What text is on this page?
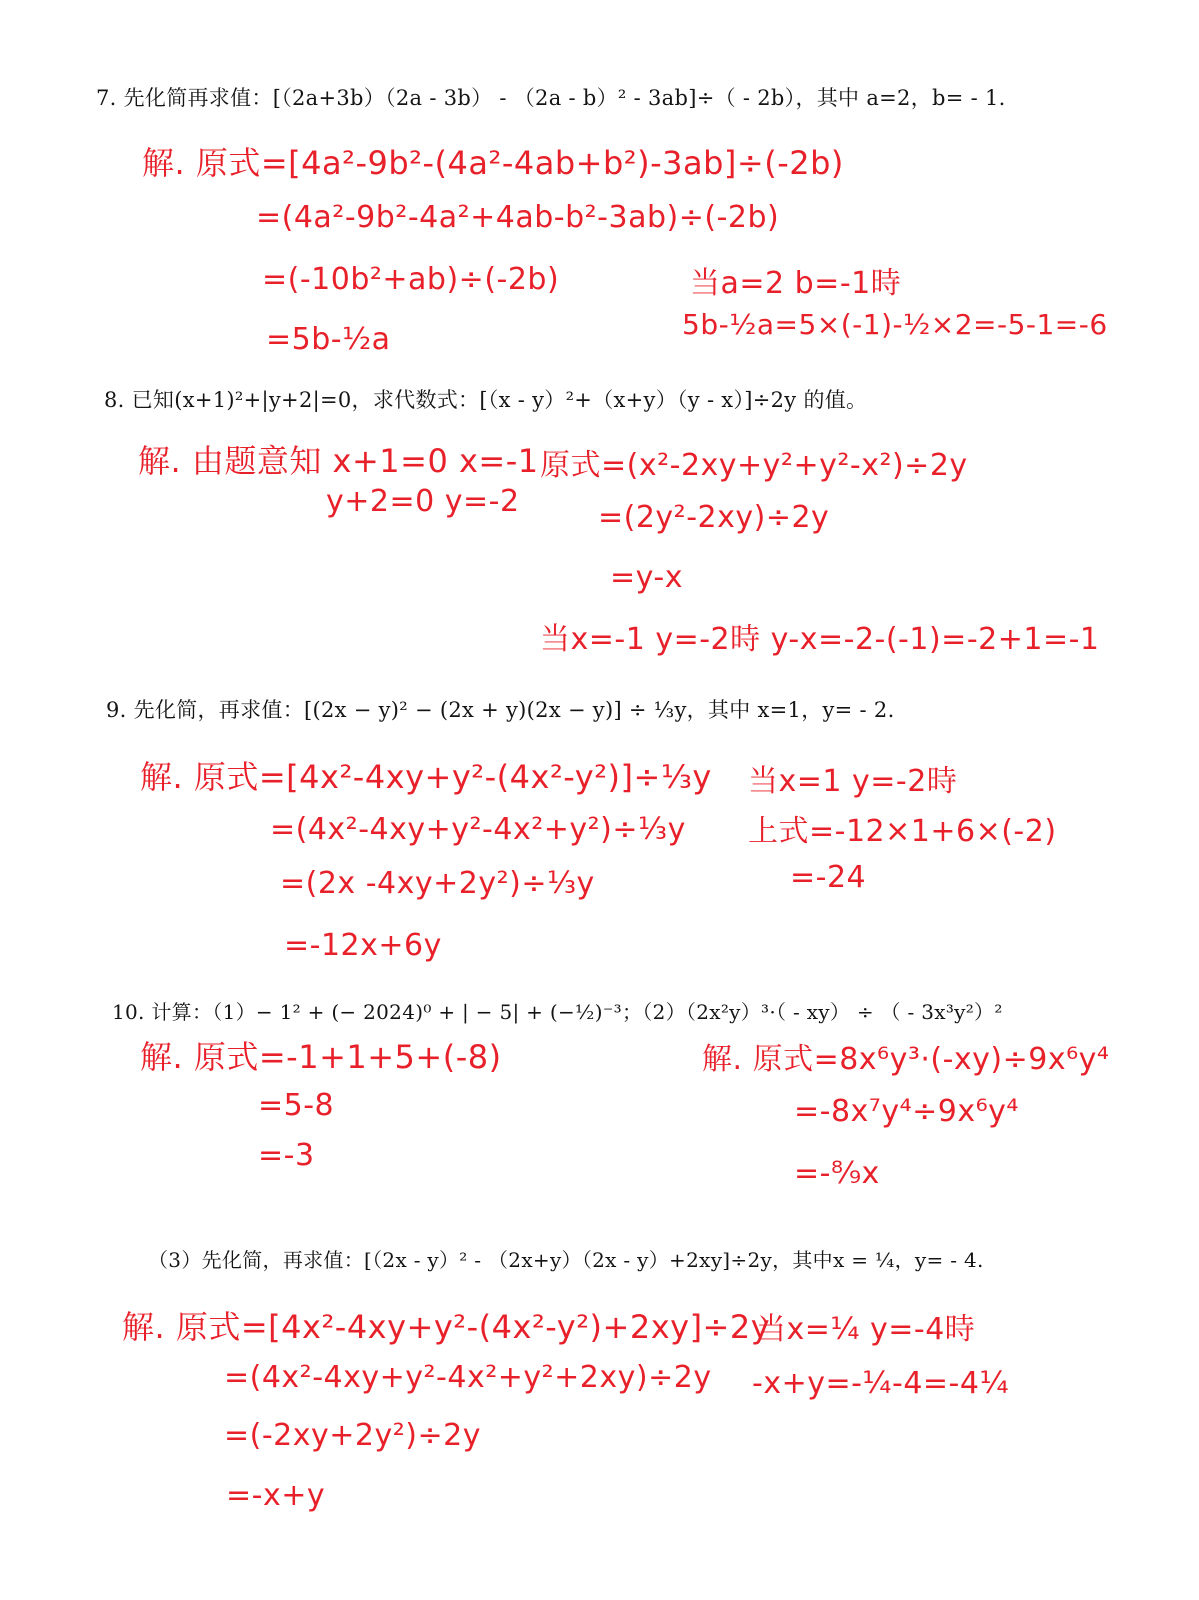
7. 先化简再求值：[（2a+3b）（2a - 3b） - （2a - b）² - 3ab]÷（ - 2b），其中 a=2，b= - 1.
解. 原式=[4a²-9b²-(4a²-4ab+b²)-3ab]÷(-2b)
=(4a²-9b²-4a²+4ab-b²-3ab)÷(-2b)
=(-10b²+ab)÷(-2b)
=5b-½a
当a=2 b=-1時
5b-½a=5×(-1)-½×2=-5-1=-6
8. 已知(x+1)²+|y+2|=0，求代数式：[（x - y）²+（x+y）（y - x）]÷2y 的值。
解. 由题意知 x+1=0 x=-1
y+2=0 y=-2
原式=(x²-2xy+y²+y²-x²)÷2y
=(2y²-2xy)÷2y
=y-x
当x=-1 y=-2時 y-x=-2-(-1)=-2+1=-1
9. 先化简，再求值：[(2x − y)² − (2x + y)(2x − y)] ÷ ⅓y，其中 x=1，y= - 2.
解. 原式=[4x²-4xy+y²-(4x²-y²)]÷⅓y
=(4x²-4xy+y²-4x²+y²)÷⅓y
=(2x -4xy+2y²)÷⅓y
=-12x+6y
当x=1 y=-2時
上式=-12×1+6×(-2)
=-24
10. 计算：（1）− 1² + (− 2024)⁰ + | − 5| + (−½)⁻³；（2）（2x²y）³·（ - xy） ÷ （ - 3x³y²）²
解. 原式=-1+1+5+(-8)
=5-8
=-3
解. 原式=8x⁶y³·(-xy)÷9x⁶y⁴
=-8x⁷y⁴÷9x⁶y⁴
=-⁸⁄₉x
（3）先化简，再求值：[（2x - y）² - （2x+y）（2x - y）+2xy]÷2y，其中x = ¼，y= - 4.
解. 原式=[4x²-4xy+y²-(4x²-y²)+2xy]÷2y
=(4x²-4xy+y²-4x²+y²+2xy)÷2y
=(-2xy+2y²)÷2y
=-x+y
当x=¼ y=-4時
-x+y=-¼-4=-4¼
